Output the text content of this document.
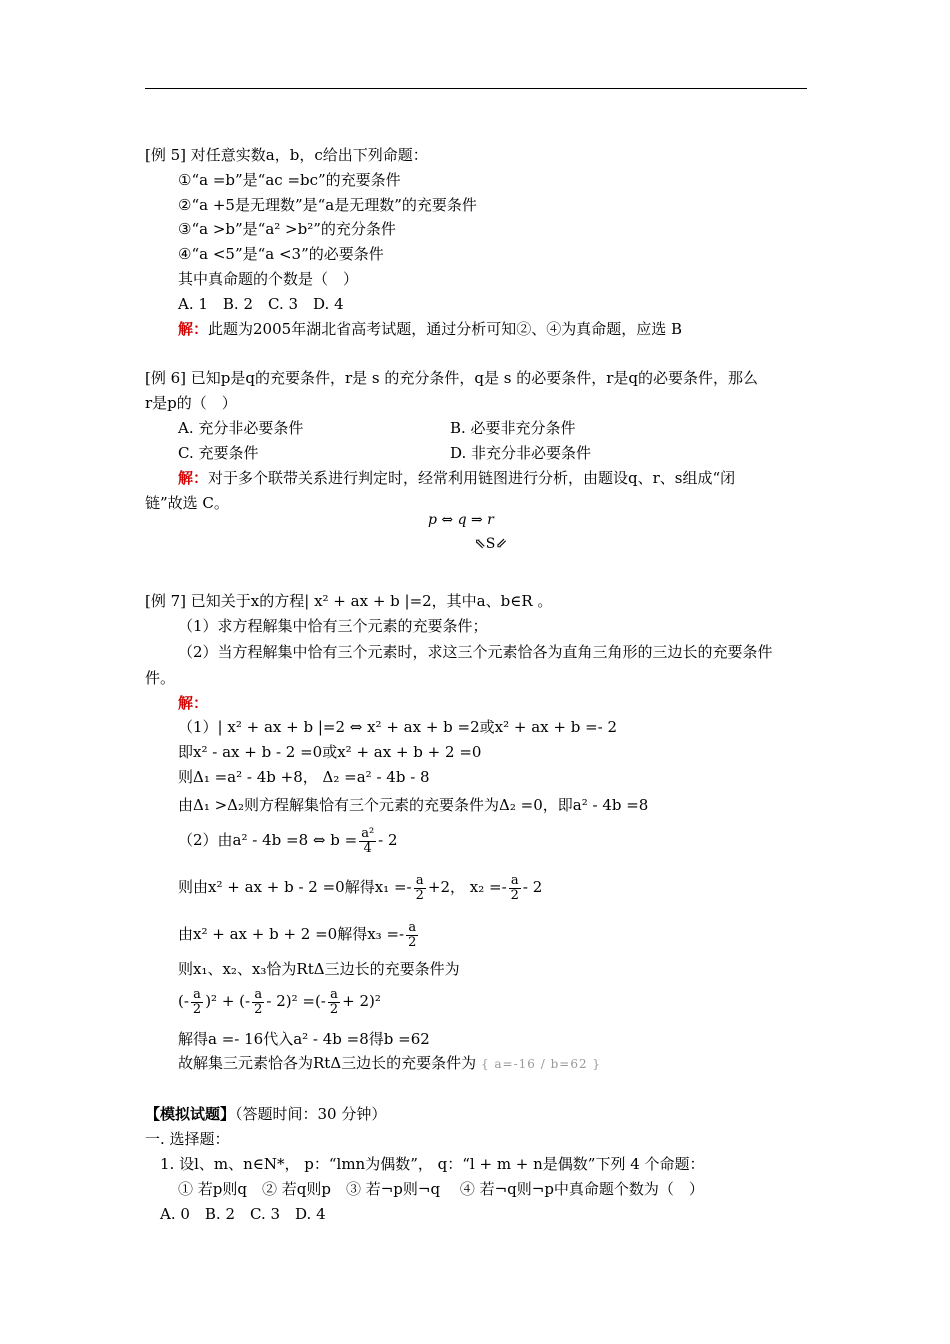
[例 5] 对任意实数a，b，c给出下列命题：
①“a =b”是“ac =bc”的充要条件
②“a +5是无理数”是“a是无理数”的充要条件
③“a >b”是“a² >b²”的充分条件
④“a <5”是“a <3”的必要条件
其中真命题的个数是（　）
A. 1　B. 2　C. 3　D. 4
解：此题为2005年湖北省高考试题，通过分析可知②、④为真命题，应选 B
[例 6] 已知p是q的充要条件，r是 s 的充分条件，q是 s 的必要条件，r是q的必要条件，那么
r是p的（　）
A. 充分非必要条件	B. 必要非充分条件
C. 充要条件	D. 非充分非必要条件
解：对于多个联带关系进行判定时，经常利用链图进行分析，由题设q、r、s组成“闭
链”故选 C。
p ⇔ q ⇒ r
⇖S⇙
[例 7] 已知关于x的方程| x² + ax + b |=2，其中a、b∈R 。
（1）求方程解集中恰有三个元素的充要条件；
（2）当方程解集中恰有三个元素时，求这三个元素恰各为直角三角形的三边长的充要条件
件。
解：
（1）| x² + ax + b |=2 ⇔ x² + ax + b =2或x² + ax + b =- 2
即x² - ax + b - 2 =0或x² + ax + b + 2 =0
则Δ₁ =a² - 4b +8， Δ₂ =a² - 4b - 8
由Δ₁ >Δ₂则方程解集恰有三个元素的充要条件为Δ₂ =0，即a² - 4b =8
（2）由a² - 4b =8 ⇔ $b = \frac{\text{a²}}{4} - 2$
则由x² + ax + b - 2 =0解得$x_1 =- \frac{a}{2} +2$， $x_2 =- \frac{a}{2} - 2$
由x² + ax + b + 2 =0解得$x_3 =- \frac{a}{2}$
则x₁、x₂、x₃恰为RtΔ三边长的充要条件为
(- $\frac{a}{2} )^2$ + (- $\frac{a}{2} - 2)^2$ =(- $\frac{a}{2} + 2)^2$
解得a =- 16代入a² - 4b =8得b =62
故解集三元素恰各为RtΔ三边长的充要条件为 { a=-16 / b=62 }
【模拟试题】（答题时间：30 分钟）
一. 选择题：
1. 设l、m、n∈N*， p：“lmn为偶数”， q：“l + m + n是偶数”下列 4 个命题：
① 若p则q　② 若q则p　③ 若¬p则¬q　 ④ 若¬q则¬p中真命题个数为（　）
A. 0　B. 2　C. 3　D. 4
